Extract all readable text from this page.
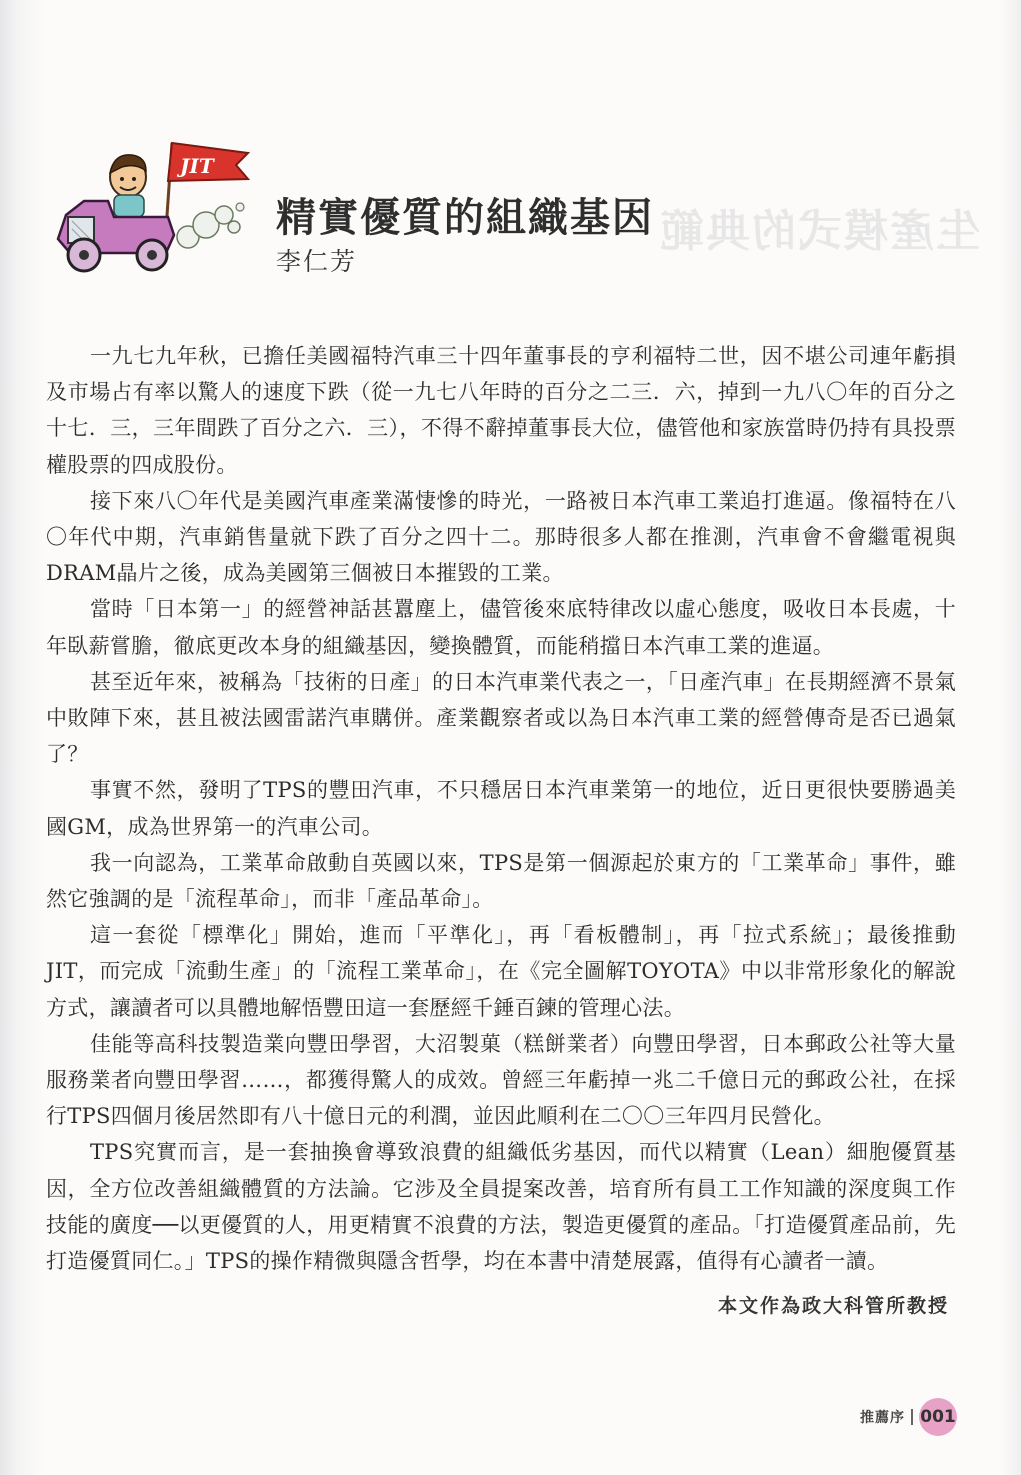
生產模式的典範
JIT
精實優質的組織基因
李仁芳

一九七九年秋，已擔任美國福特汽車三十四年董事長的亨利福特二世，因不堪公司連年虧損及市場占有率以驚人的速度下跌（從一九七八年時的百分之二三．六，掉到一九八〇年的百分之十七．三，三年間跌了百分之六．三），不得不辭掉董事長大位，儘管他和家族當時仍持有具投票權股票的四成股份。

接下來八〇年代是美國汽車產業滿悽慘的時光，一路被日本汽車工業追打進逼。像福特在八〇年代中期，汽車銷售量就下跌了百分之四十二。那時很多人都在推測，汽車會不會繼電視與DRAM晶片之後，成為美國第三個被日本摧毀的工業。

當時「日本第一」的經營神話甚囂塵上，儘管後來底特律改以虛心態度，吸收日本長處，十年臥薪嘗膽，徹底更改本身的組織基因，變換體質，而能稍擋日本汽車工業的進逼。

甚至近年來，被稱為「技術的日產」的日本汽車業代表之一，「日產汽車」在長期經濟不景氣中敗陣下來，甚且被法國雷諾汽車購併。產業觀察者或以為日本汽車工業的經營傳奇是否已過氣了？

事實不然，發明了TPS的豐田汽車，不只穩居日本汽車業第一的地位，近日更很快要勝過美國GM，成為世界第一的汽車公司。

我一向認為，工業革命啟動自英國以來，TPS是第一個源起於東方的「工業革命」事件，雖然它強調的是「流程革命」，而非「產品革命」。

這一套從「標準化」開始，進而「平準化」，再「看板體制」，再「拉式系統」；最後推動JIT，而完成「流動生產」的「流程工業革命」，在《完全圖解TOYOTA》中以非常形象化的解說方式，讓讀者可以具體地解悟豐田這一套歷經千錘百鍊的管理心法。

佳能等高科技製造業向豐田學習，大沼製菓（糕餅業者）向豐田學習，日本郵政公社等大量服務業者向豐田學習……，都獲得驚人的成效。曾經三年虧掉一兆二千億日元的郵政公社，在採行TPS四個月後居然即有八十億日元的利潤，並因此順利在二〇〇三年四月民營化。

TPS究實而言，是一套抽換會導致浪費的組織低劣基因，而代以精實（Lean）細胞優質基因，全方位改善組織體質的方法論。它涉及全員提案改善，培育所有員工工作知識的深度與工作技能的廣度──以更優質的人，用更精實不浪費的方法，製造更優質的產品。「打造優質產品前，先打造優質同仁。」TPS的操作精微與隱含哲學，均在本書中清楚展露，值得有心讀者一讀。

本文作為政大科管所教授
推薦序 001
